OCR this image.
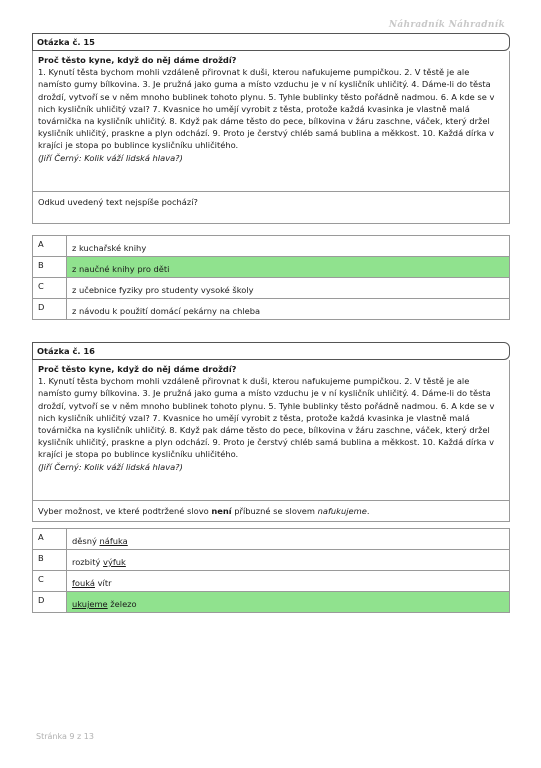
Náhradník Náhradník
Otázka č. 15

Proč těsto kyne, když do něj dáme droždí?

1. Kynutí těsta bychom mohli vzdáleně přirovnat k duši, kterou nafukujeme pumpičkou. 2. V těstě je ale namísto gumy bílkovina. 3. Je pružná jako guma a místo vzduchu je v ní kysličník uhličitý. 4. Dáme-li do těsta droždí, vytvoří se v něm mnoho bublinek tohoto plynu. 5. Tyhle bublinky těsto pořádně nadmou. 6. A kde se v nich kysličník uhličitý vzal? 7. Kvasnice ho umějí vyrobit z těsta, protože každá kvasinka je vlastně malá továrnička na kysličník uhličitý. 8. Když pak dáme těsto do pece, bílkovina v žáru zaschne, váček, který držel kysličník uhličitý, praskne a plyn odchází. 9. Proto je čerstvý chléb samá bublina a měkkost. 10. Každá dírka v krajíci je stopa po bublince kysličníku uhličitého.

(Jiří Černý: Kolik váží lidská hlava?)

Odkud uvedený text nejspíše pochází?
A	z kuchařské knihy
B	z naučné knihy pro děti
C	z učebnice fyziky pro studenty vysoké školy
D	z návodu k použití domácí pekárny na chleba
Otázka č. 16

Proč těsto kyne, když do něj dáme droždí?

1. Kynutí těsta bychom mohli vzdáleně přirovnat k duši, kterou nafukujeme pumpičkou. 2. V těstě je ale namísto gumy bílkovina. 3. Je pružná jako guma a místo vzduchu je v ní kysličník uhličitý. 4. Dáme-li do těsta droždí, vytvoří se v něm mnoho bublinek tohoto plynu. 5. Tyhle bublinky těsto pořádně nadmou. 6. A kde se v nich kysličník uhličitý vzal? 7. Kvasnice ho umějí vyrobit z těsta, protože každá kvasinka je vlastně malá továrnička na kysličník uhličitý. 8. Když pak dáme těsto do pece, bílkovina v žáru zaschne, váček, který držel kysličník uhličitý, praskne a plyn odchází. 9. Proto je čerstvý chléb samá bublina a měkkost. 10. Každá dírka v krajíci je stopa po bublince kysličníku uhličitého.

(Jiří Černý: Kolik váží lidská hlava?)

Vyber možnost, ve které podtržené slovo není příbuzné se slovem nafukujeme.
A	děsný náfuka
B	rozbitý výfuk
C	fouká vítr
D	ukujeme železo
Stránka 9 z 13
